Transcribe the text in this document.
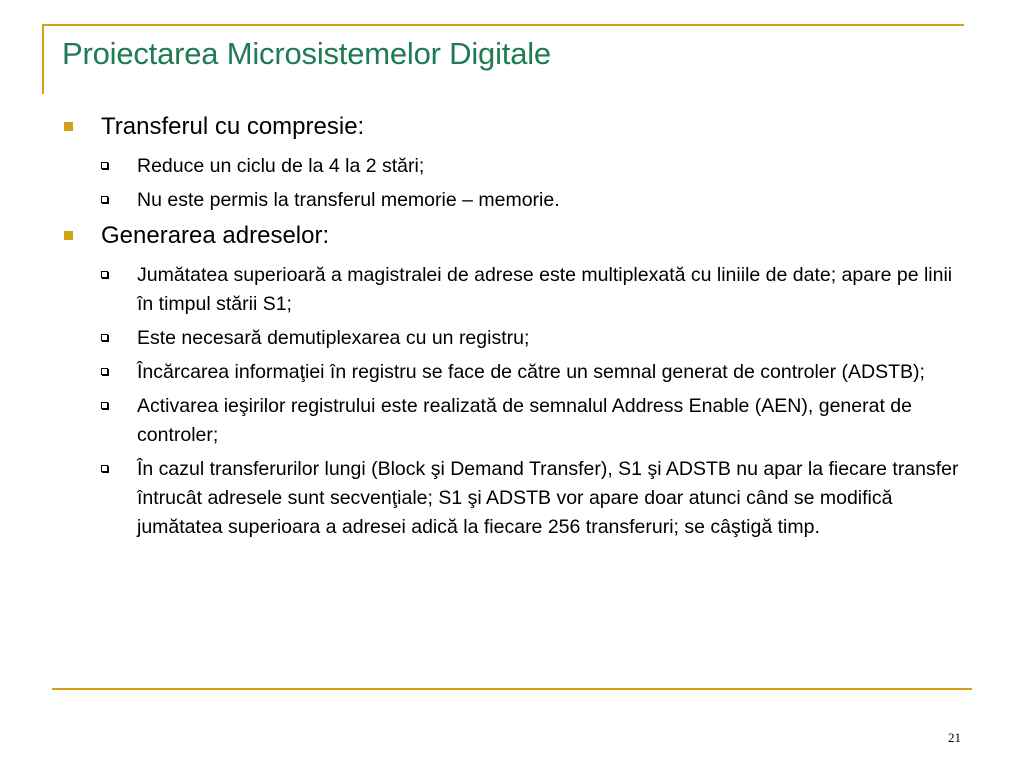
Proiectarea Microsistemelor Digitale
Transferul cu compresie:
Reduce un ciclu de la 4 la 2 stări;
Nu este permis la transferul memorie – memorie.
Generarea adreselor:
Jumătatea superioară a magistralei de adrese este multiplexată cu liniile de date; apare pe linii în timpul stării S1;
Este necesară demutiplexarea cu un registru;
Încărcarea informaţiei în registru se face de către un semnal generat de controler (ADSTB);
Activarea ieşirilor registrului este realizată de semnalul Address Enable (AEN), generat de controler;
În cazul transferurilor lungi (Block şi Demand Transfer), S1 şi ADSTB nu apar la fiecare transfer întrucât adresele sunt secvenţiale; S1 şi ADSTB vor apare doar atunci când se modifică jumătatea superioara a adresei adică la fiecare 256 transferuri; se câştigă timp.
21
